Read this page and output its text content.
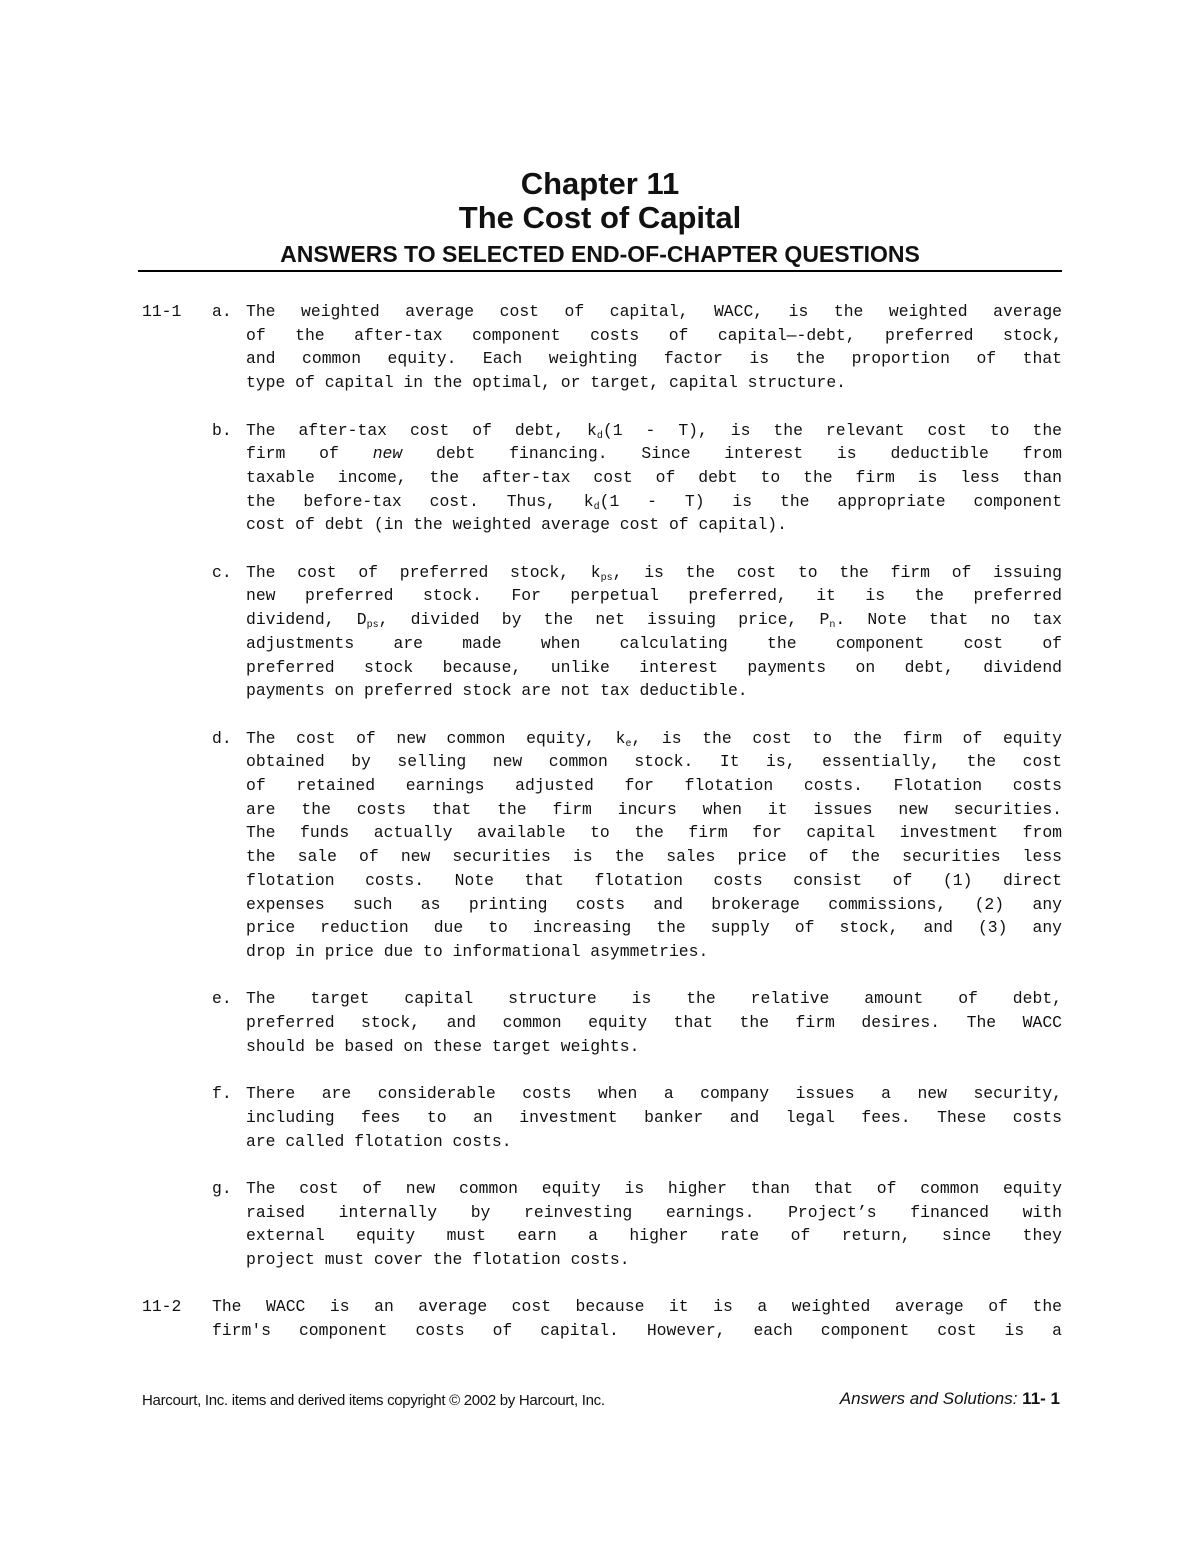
Chapter 11
The Cost of Capital
ANSWERS TO SELECTED END-OF-CHAPTER QUESTIONS
11-1	a. The weighted average cost of capital, WACC, is the weighted average
of the after-tax component costs of capital—-debt, preferred stock,
and common equity. Each weighting factor is the proportion of that
type of capital in the optimal, or target, capital structure.
b. The after-tax cost of debt, $k_d(1 - T)$, is the relevant cost to the
firm of new debt financing. Since interest is deductible from
taxable income, the after-tax cost of debt to the firm is less than
the before-tax cost. Thus, $k_d(1 - T)$ is the appropriate component
cost of debt (in the weighted average cost of capital).
c. The cost of preferred stock, $k_{ps}$, is the cost to the firm of issuing
new preferred stock. For perpetual preferred, it is the preferred
dividend, $D_{ps}$, divided by the net issuing price, $P_n$. Note that no tax
adjustments are made when calculating the component cost of
preferred stock because, unlike interest payments on debt, dividend
payments on preferred stock are not tax deductible.
d. The cost of new common equity, $k_e$, is the cost to the firm of equity
obtained by selling new common stock. It is, essentially, the cost
of retained earnings adjusted for flotation costs. Flotation costs
are the costs that the firm incurs when it issues new securities.
The funds actually available to the firm for capital investment from
the sale of new securities is the sales price of the securities less
flotation costs. Note that flotation costs consist of (1) direct
expenses such as printing costs and brokerage commissions, (2) any
price reduction due to increasing the supply of stock, and (3) any
drop in price due to informational asymmetries.
e. The target capital structure is the relative amount of debt,
preferred stock, and common equity that the firm desires. The WACC
should be based on these target weights.
f. There are considerable costs when a company issues a new security,
including fees to an investment banker and legal fees. These costs
are called flotation costs.
g. The cost of new common equity is higher than that of common equity
raised internally by reinvesting earnings. Project’s financed with
external equity must earn a higher rate of return, since they
project must cover the flotation costs.
11-2	The WACC is an average cost because it is a weighted average of the
firm's component costs of capital. However, each component cost is a
Harcourt, Inc. items and derived items copyright © 2002 by Harcourt, Inc.	Answers and Solutions: 11- 1
